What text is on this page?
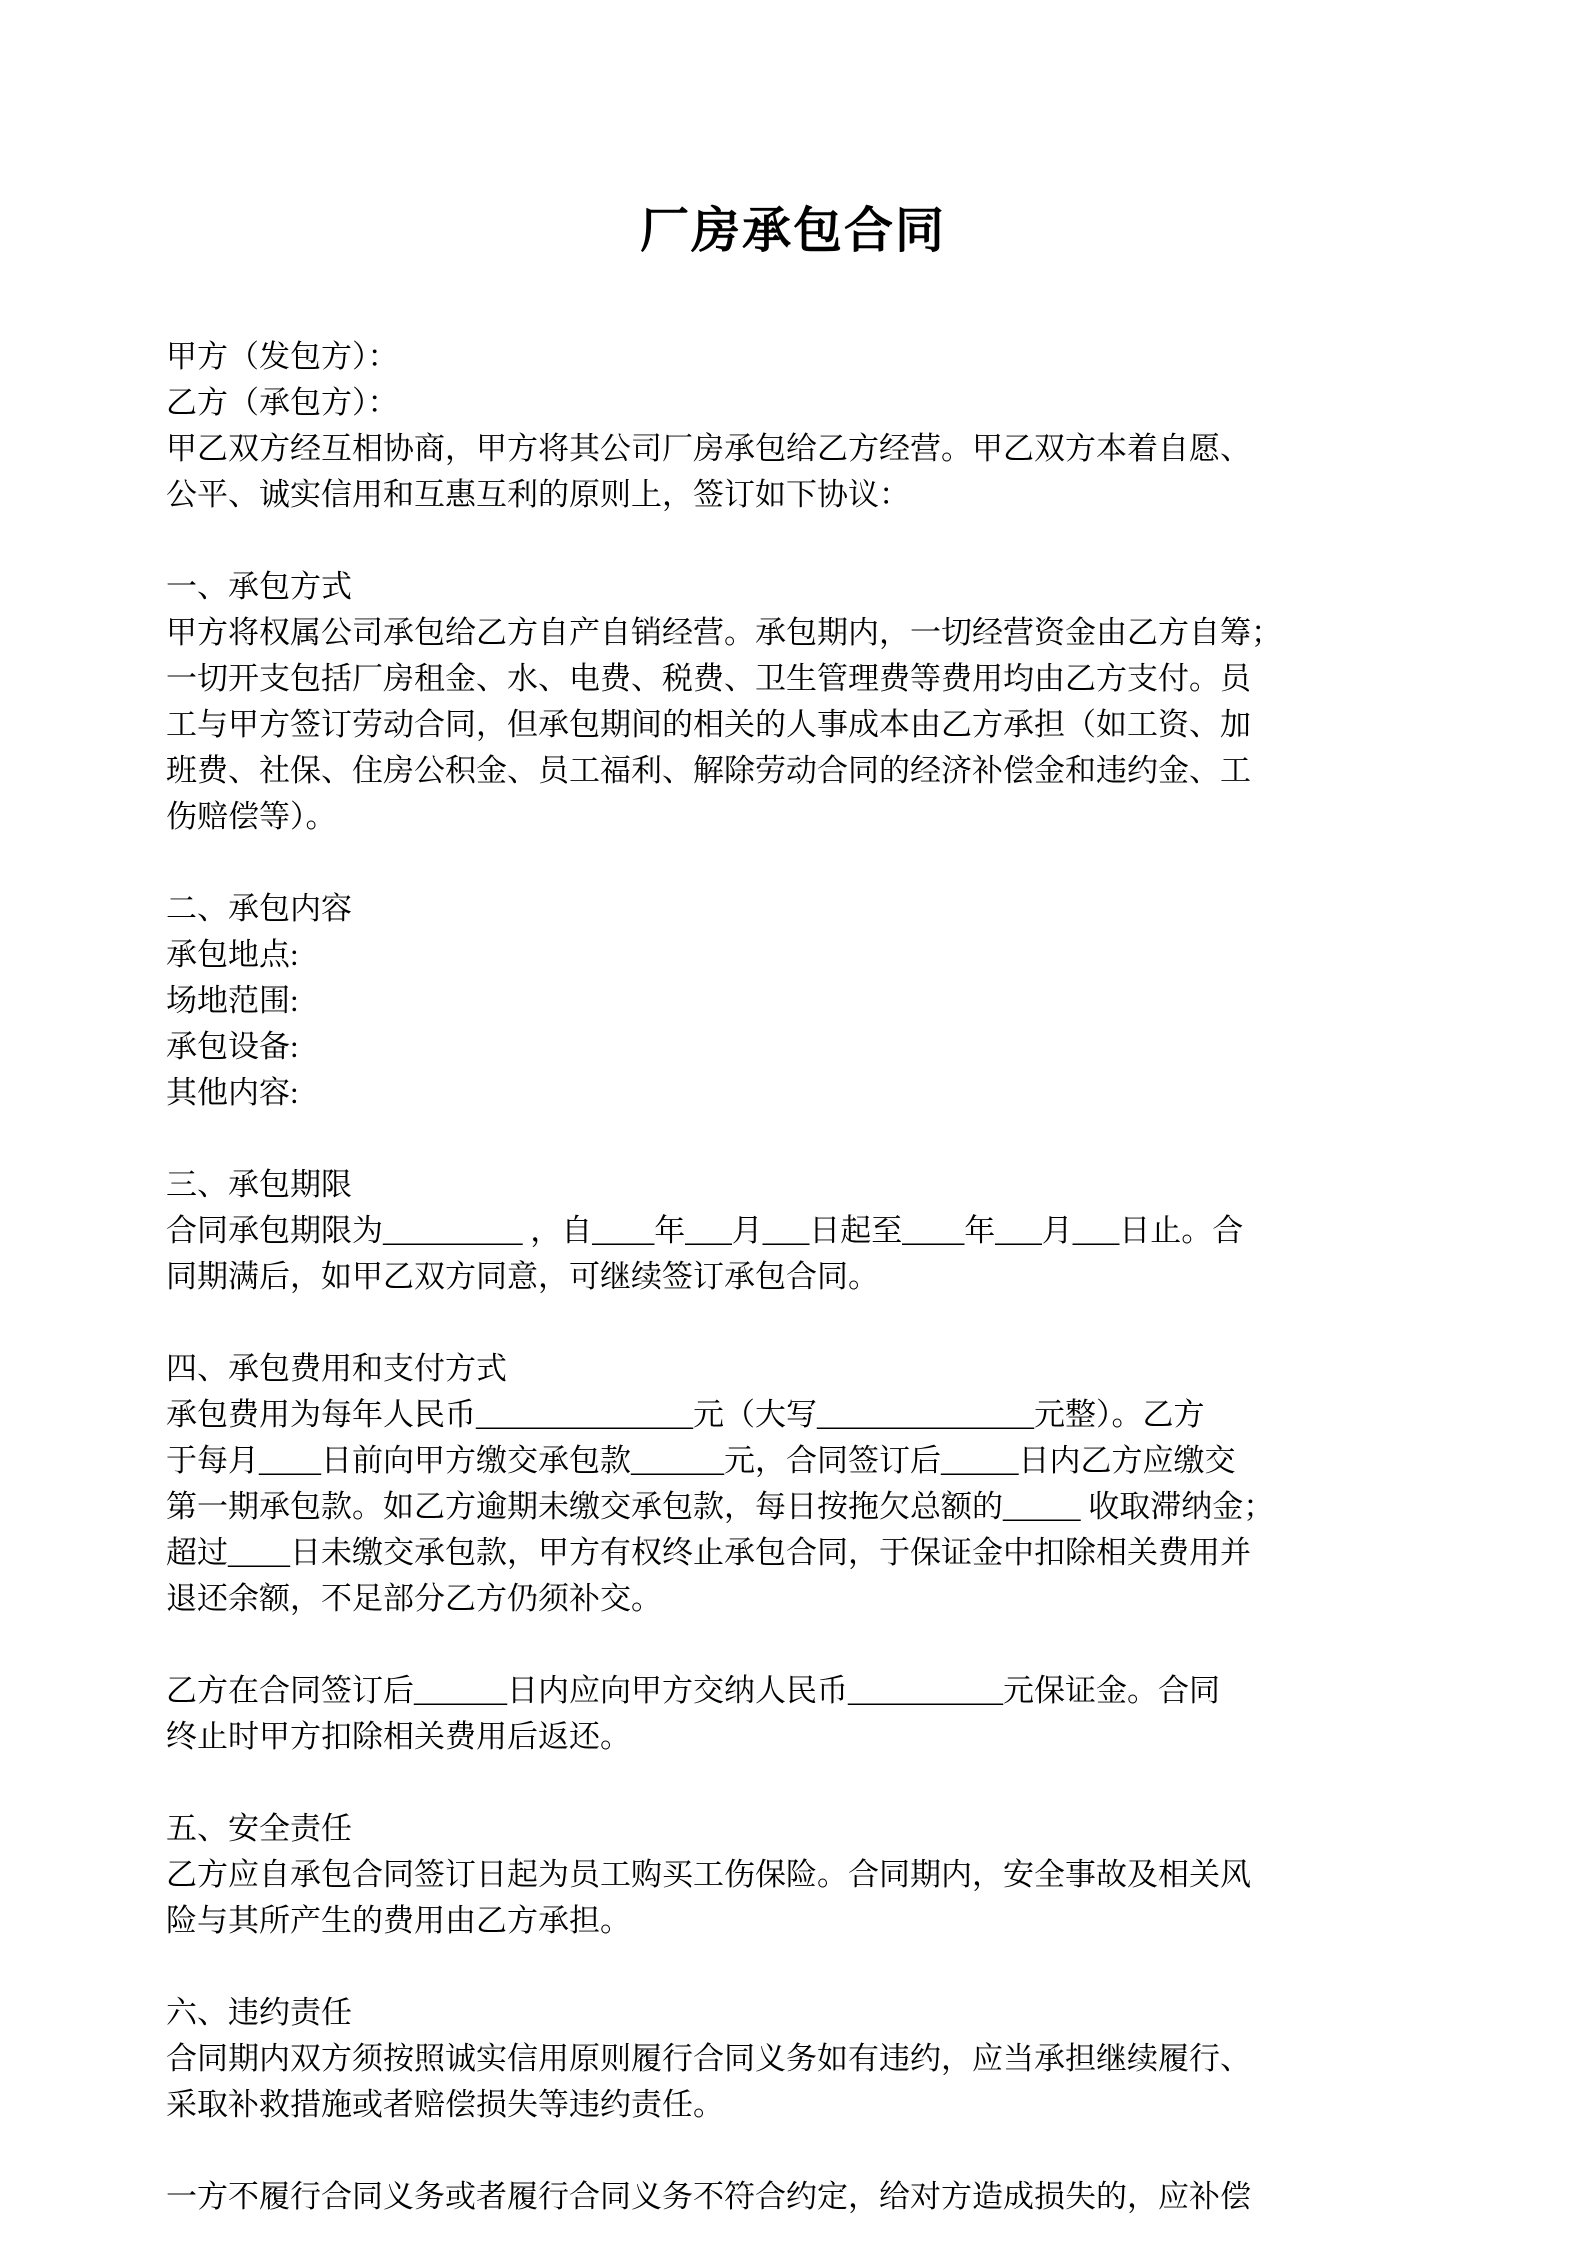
厂房承包合同
甲方（发包方）：
乙方（承包方）：
甲乙双方经互相协商，甲方将其公司厂房承包给乙方经营。甲乙双方本着自愿、
公平、诚实信用和互惠互利的原则上，签订如下协议：
一、承包方式
甲方将权属公司承包给乙方自产自销经营。承包期内，一切经营资金由乙方自筹；
一切开支包括厂房租金、水、电费、税费、卫生管理费等费用均由乙方支付。员
工与甲方签订劳动合同，但承包期间的相关的人事成本由乙方承担（如工资、加
班费、社保、住房公积金、员工福利、解除劳动合同的经济补偿金和违约金、工
伤赔偿等）。
二、承包内容
承包地点:
场地范围:
承包设备:
其他内容:
三、承包期限
合同承包期限为_________ ，自____年___月___日起至____年___月___日止。合
同期满后，如甲乙双方同意，可继续签订承包合同。
四、承包费用和支付方式
承包费用为每年人民币______________元（大写______________元整）。乙方
于每月____日前向甲方缴交承包款______元，合同签订后_____日内乙方应缴交
第一期承包款。如乙方逾期未缴交承包款，每日按拖欠总额的_____ 收取滞纳金；
超过____日未缴交承包款，甲方有权终止承包合同，于保证金中扣除相关费用并
退还余额，不足部分乙方仍须补交。
乙方在合同签订后______日内应向甲方交纳人民币__________元保证金。合同
终止时甲方扣除相关费用后返还。
五、安全责任
乙方应自承包合同签订日起为员工购买工伤保险。合同期内，安全事故及相关风
险与其所产生的费用由乙方承担。
六、违约责任
合同期内双方须按照诚实信用原则履行合同义务如有违约，应当承担继续履行、
采取补救措施或者赔偿损失等违约责任。
一方不履行合同义务或者履行合同义务不符合约定，给对方造成损失的，应补偿
